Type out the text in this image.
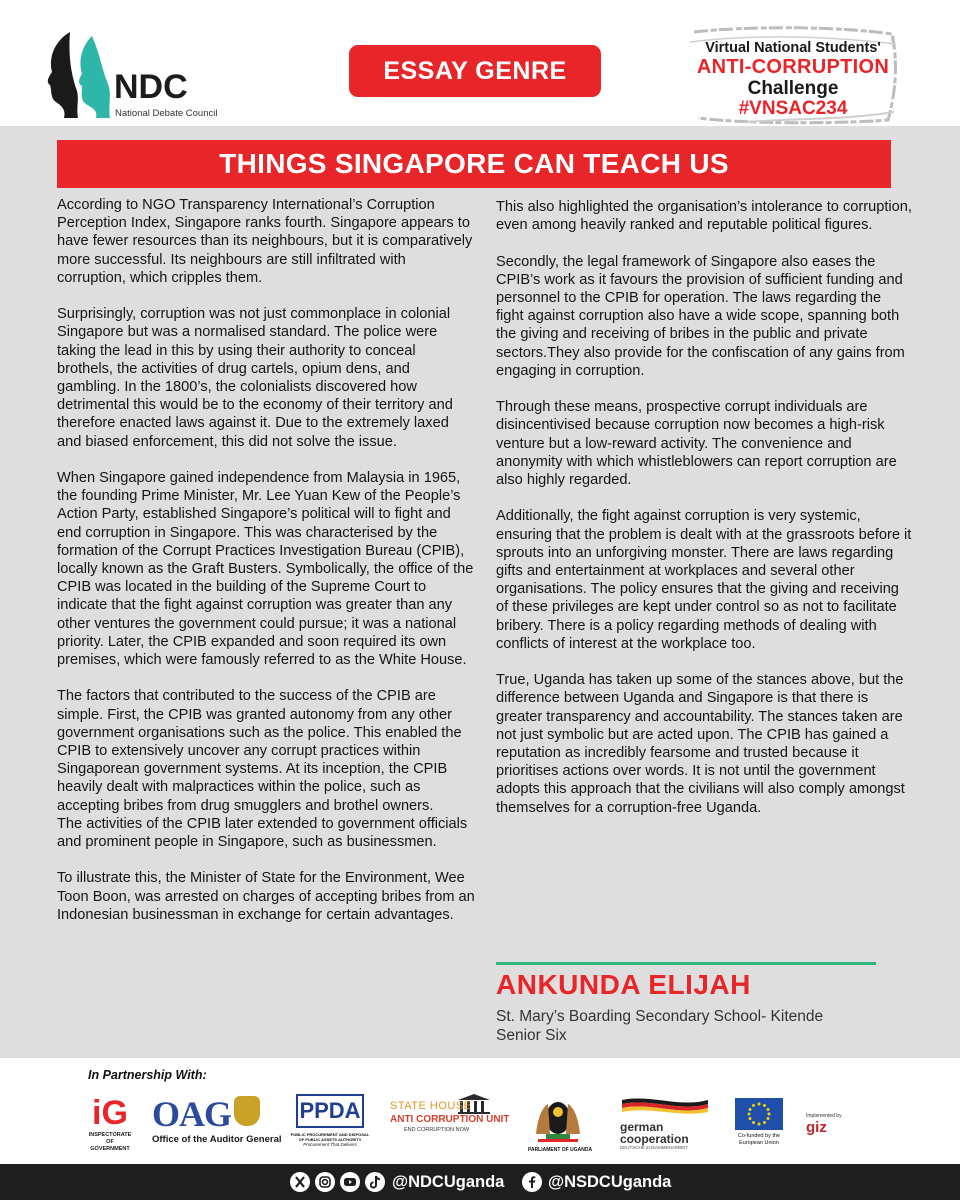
NDC
National Debate Council
ESSAY GENRE
Virtual National Students'
ANTI-CORRUPTION
Challenge
#VNSAC234
THINGS SINGAPORE CAN TEACH US

According to NGO Transparency International’s Corruption Perception Index, Singapore ranks fourth. Singapore appears to have fewer resources than its neighbours, but it is comparatively more successful. Its neighbours are still infiltrated with corruption, which cripples them.

Surprisingly, corruption was not just commonplace in colonial Singapore but was a normalised standard. The police were taking the lead in this by using their authority to conceal brothels, the activities of drug cartels, opium dens, and gambling. In the 1800’s, the colonialists discovered how detrimental this would be to the economy of their territory and therefore enacted laws against it. Due to the extremely laxed and biased enforcement, this did not solve the issue.

When Singapore gained independence from Malaysia in 1965, the founding Prime Minister, Mr. Lee Yuan Kew of the People’s Action Party, established Singapore’s political will to fight and end corruption in Singapore. This was characterised by the formation of the Corrupt Practices Investigation Bureau (CPIB), locally known as the Graft Busters. Symbolically, the office of the CPIB was located in the building of the Supreme Court to indicate that the fight against corruption was greater than any other ventures the government could pursue; it was a national priority. Later, the CPIB expanded and soon required its own premises, which were famously referred to as the White House.

The factors that contributed to the success of the CPIB are simple. First, the CPIB was granted autonomy from any other government organisations such as the police. This enabled the CPIB to extensively uncover any corrupt practices within Singaporean government systems. At its inception, the CPIB heavily dealt with malpractices within the police, such as accepting bribes from drug smugglers and brothel owners.

The activities of the CPIB later extended to government officials and prominent people in Singapore, such as businessmen.

To illustrate this, the Minister of State for the Environment, Wee Toon Boon, was arrested on charges of accepting bribes from an Indonesian businessman in exchange for certain advantages.

This also highlighted the organisation’s intolerance to corruption, even among heavily ranked and reputable political figures.

Secondly, the legal framework of Singapore also eases the CPIB’s work as it favours the provision of sufficient funding and personnel to the CPIB for operation. The laws regarding the fight against corruption also have a wide scope, spanning both the giving and receiving of bribes in the public and private sectors.They also provide for the confiscation of any gains from engaging in corruption.

Through these means, prospective corrupt individuals are disincentivised because corruption now becomes a high-risk venture but a low-reward activity. The convenience and anonymity with which whistleblowers can report corruption are also highly regarded.

Additionally, the fight against corruption is very systemic, ensuring that the problem is dealt with at the grassroots before it sprouts into an unforgiving monster. There are laws regarding gifts and entertainment at workplaces and several other organisations. The policy ensures that the giving and receiving of these privileges are kept under control so as not to facilitate bribery. There is a policy regarding methods of dealing with conflicts of interest at the workplace too.

True, Uganda has taken up some of the stances above, but the difference between Uganda and Singapore is that there is greater transparency and accountability. The stances taken are not just symbolic but are acted upon. The CPIB has gained a reputation as incredibly fearsome and trusted because it prioritises actions over words. It is not until the government adopts this approach that the civilians will also comply amongst themselves for a corruption-free Uganda.

ANKUNDA ELIJAH
St. Mary’s Boarding Secondary School- Kitende
Senior Six
In Partnership With:
iG
INSPECTORATE OF GOVERNMENT
OAG
Office of the Auditor General
PPDA
PUBLIC PROCUREMENT AND DISPOSAL OF PUBLIC ASSETS AUTHORITY
Procurement That Delivers
STATE HOUSE
ANTI CORRUPTION UNIT
END CORRUPTION NOW
PARLIAMENT OF UGANDA
german
cooperation
DEUTSCHE ZUSAMMENARBEIT
Co-funded by the European Union
Implemented by
giz
@NDCUganda	@NSDCUganda
